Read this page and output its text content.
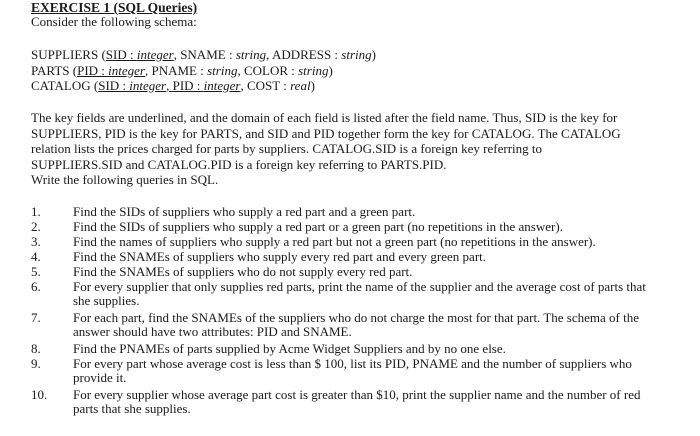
EXERCISE 1 (SQL Queries)
Consider the following schema:
SUPPLIERS (SID : integer, SNAME : string, ADDRESS : string)
PARTS (PID : integer, PNAME : string, COLOR : string)
CATALOG (SID : integer, PID : integer, COST : real)
The key fields are underlined, and the domain of each field is listed after the field name. Thus, SID is the key for
SUPPLIERS, PID is the key for PARTS, and SID and PID together form the key for CATALOG. The CATALOG
relation lists the prices charged for parts by suppliers. CATALOG.SID is a foreign key referring to
SUPPLIERS.SID and CATALOG.PID is a foreign key referring to PARTS.PID.
Write the following queries in SQL.
1.	Find the SIDs of suppliers who supply a red part and a green part.
2.	Find the SIDs of suppliers who supply a red part or a green part (no repetitions in the answer).
3.	Find the names of suppliers who supply a red part but not a green part (no repetitions in the answer).
4.	Find the SNAMEs of suppliers who supply every red part and every green part.
5.	Find the SNAMEs of suppliers who do not supply every red part.
6.	For every supplier that only supplies red parts, print the name of the supplier and the average cost of parts that she supplies.
7.	For each part, find the SNAMEs of the suppliers who do not charge the most for that part. The schema of the answer should have two attributes: PID and SNAME.
8.	Find the PNAMEs of parts supplied by Acme Widget Suppliers and by no one else.
9.	For every part whose average cost is less than $ 100, list its PID, PNAME and the number of suppliers who provide it.
10.	For every supplier whose average part cost is greater than $10, print the supplier name and the number of red parts that she supplies.
